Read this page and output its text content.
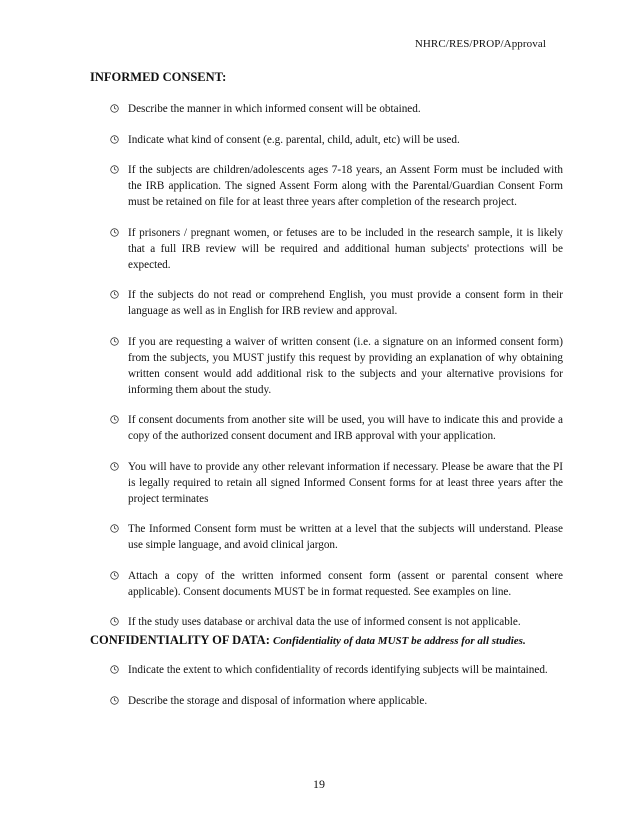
NHRC/RES/PROP/Approval
INFORMED CONSENT:
Describe the manner in which informed consent will be obtained.
Indicate what kind of consent (e.g. parental, child, adult, etc) will be used.
If the subjects are children/adolescents ages 7-18 years, an Assent Form must be included with the IRB application. The signed Assent Form along with the Parental/Guardian Consent Form must be retained on file for at least three years after completion of the research project.
If prisoners / pregnant women, or fetuses are to be included in the research sample, it is likely that a full IRB review will be required and additional human subjects' protections will be expected.
If the subjects do not read or comprehend English, you must provide a consent form in their language as well as in English for IRB review and approval.
If you are requesting a waiver of written consent (i.e. a signature on an informed consent form) from the subjects, you MUST justify this request by providing an explanation of why obtaining written consent would add additional risk to the subjects and your alternative provisions for informing them about the study.
If consent documents from another site will be used, you will have to indicate this and provide a copy of the authorized consent document and IRB approval with your application.
You will have to provide any other relevant information if necessary. Please be aware that the PI is legally required to retain all signed Informed Consent forms for at least three years after the project terminates
The Informed Consent form must be written at a level that the subjects will understand. Please use simple language, and avoid clinical jargon.
Attach a copy of the written informed consent form (assent or parental consent where applicable). Consent documents MUST be in format requested. See examples on line.
If the study uses database or archival data the use of informed consent is not applicable.
CONFIDENTIALITY OF DATA: Confidentiality of data MUST be address for all studies.
Indicate the extent to which confidentiality of records identifying subjects will be maintained.
Describe the storage and disposal of information where applicable.
19
